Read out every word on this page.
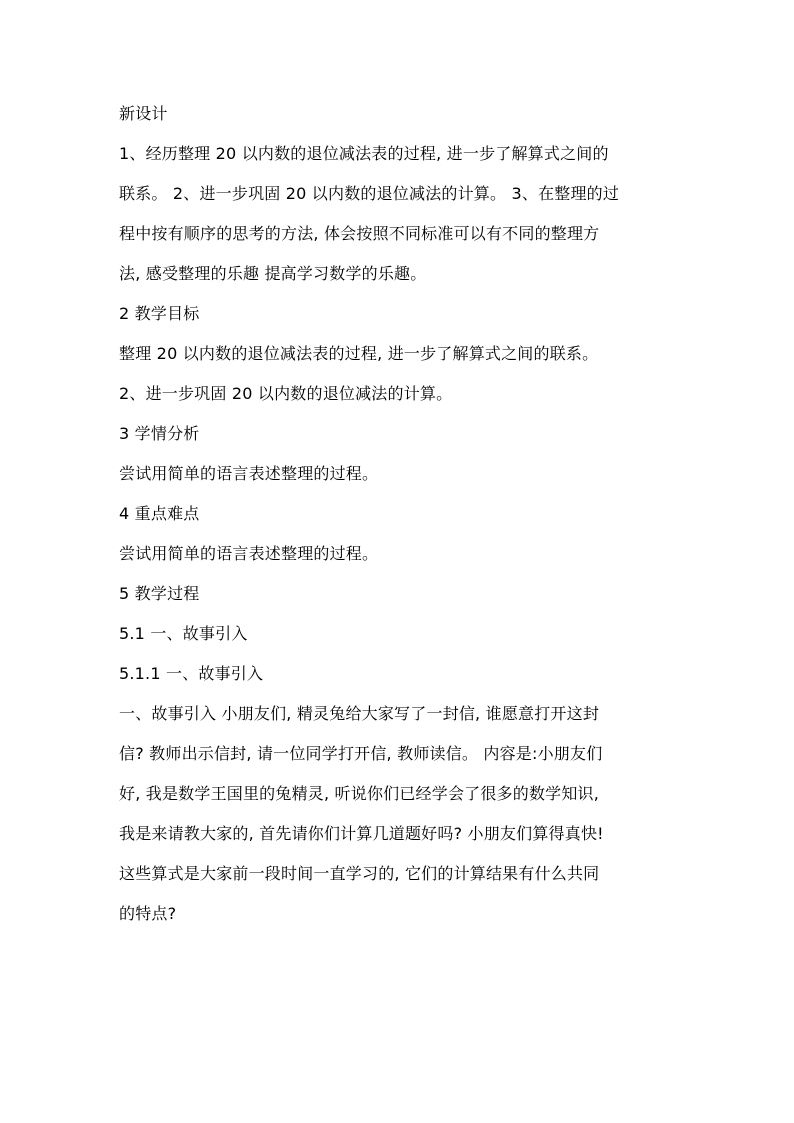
新设计
1、经历整理 20 以内数的退位减法表的过程, 进一步了解算式之间的
联系。 2、进一步巩固 20 以内数的退位减法的计算。 3、在整理的过
程中按有顺序的思考的方法, 体会按照不同标准可以有不同的整理方
法, 感受整理的乐趣 提高学习数学的乐趣。
2 教学目标
整理 20 以内数的退位减法表的过程, 进一步了解算式之间的联系。
2、进一步巩固 20 以内数的退位减法的计算。
3 学情分析
尝试用简单的语言表述整理的过程。
4 重点难点
尝试用简单的语言表述整理的过程。
5 教学过程
5.1 一、故事引入
5.1.1 一、故事引入
一、故事引入 小朋友们, 精灵兔给大家写了一封信, 谁愿意打开这封
信? 教师出示信封, 请一位同学打开信, 教师读信。 内容是:小朋友们
好, 我是数学王国里的兔精灵, 听说你们已经学会了很多的数学知识,
我是来请教大家的, 首先请你们计算几道题好吗? 小朋友们算得真快!
这些算式是大家前一段时间一直学习的, 它们的计算结果有什么共同
的特点?
